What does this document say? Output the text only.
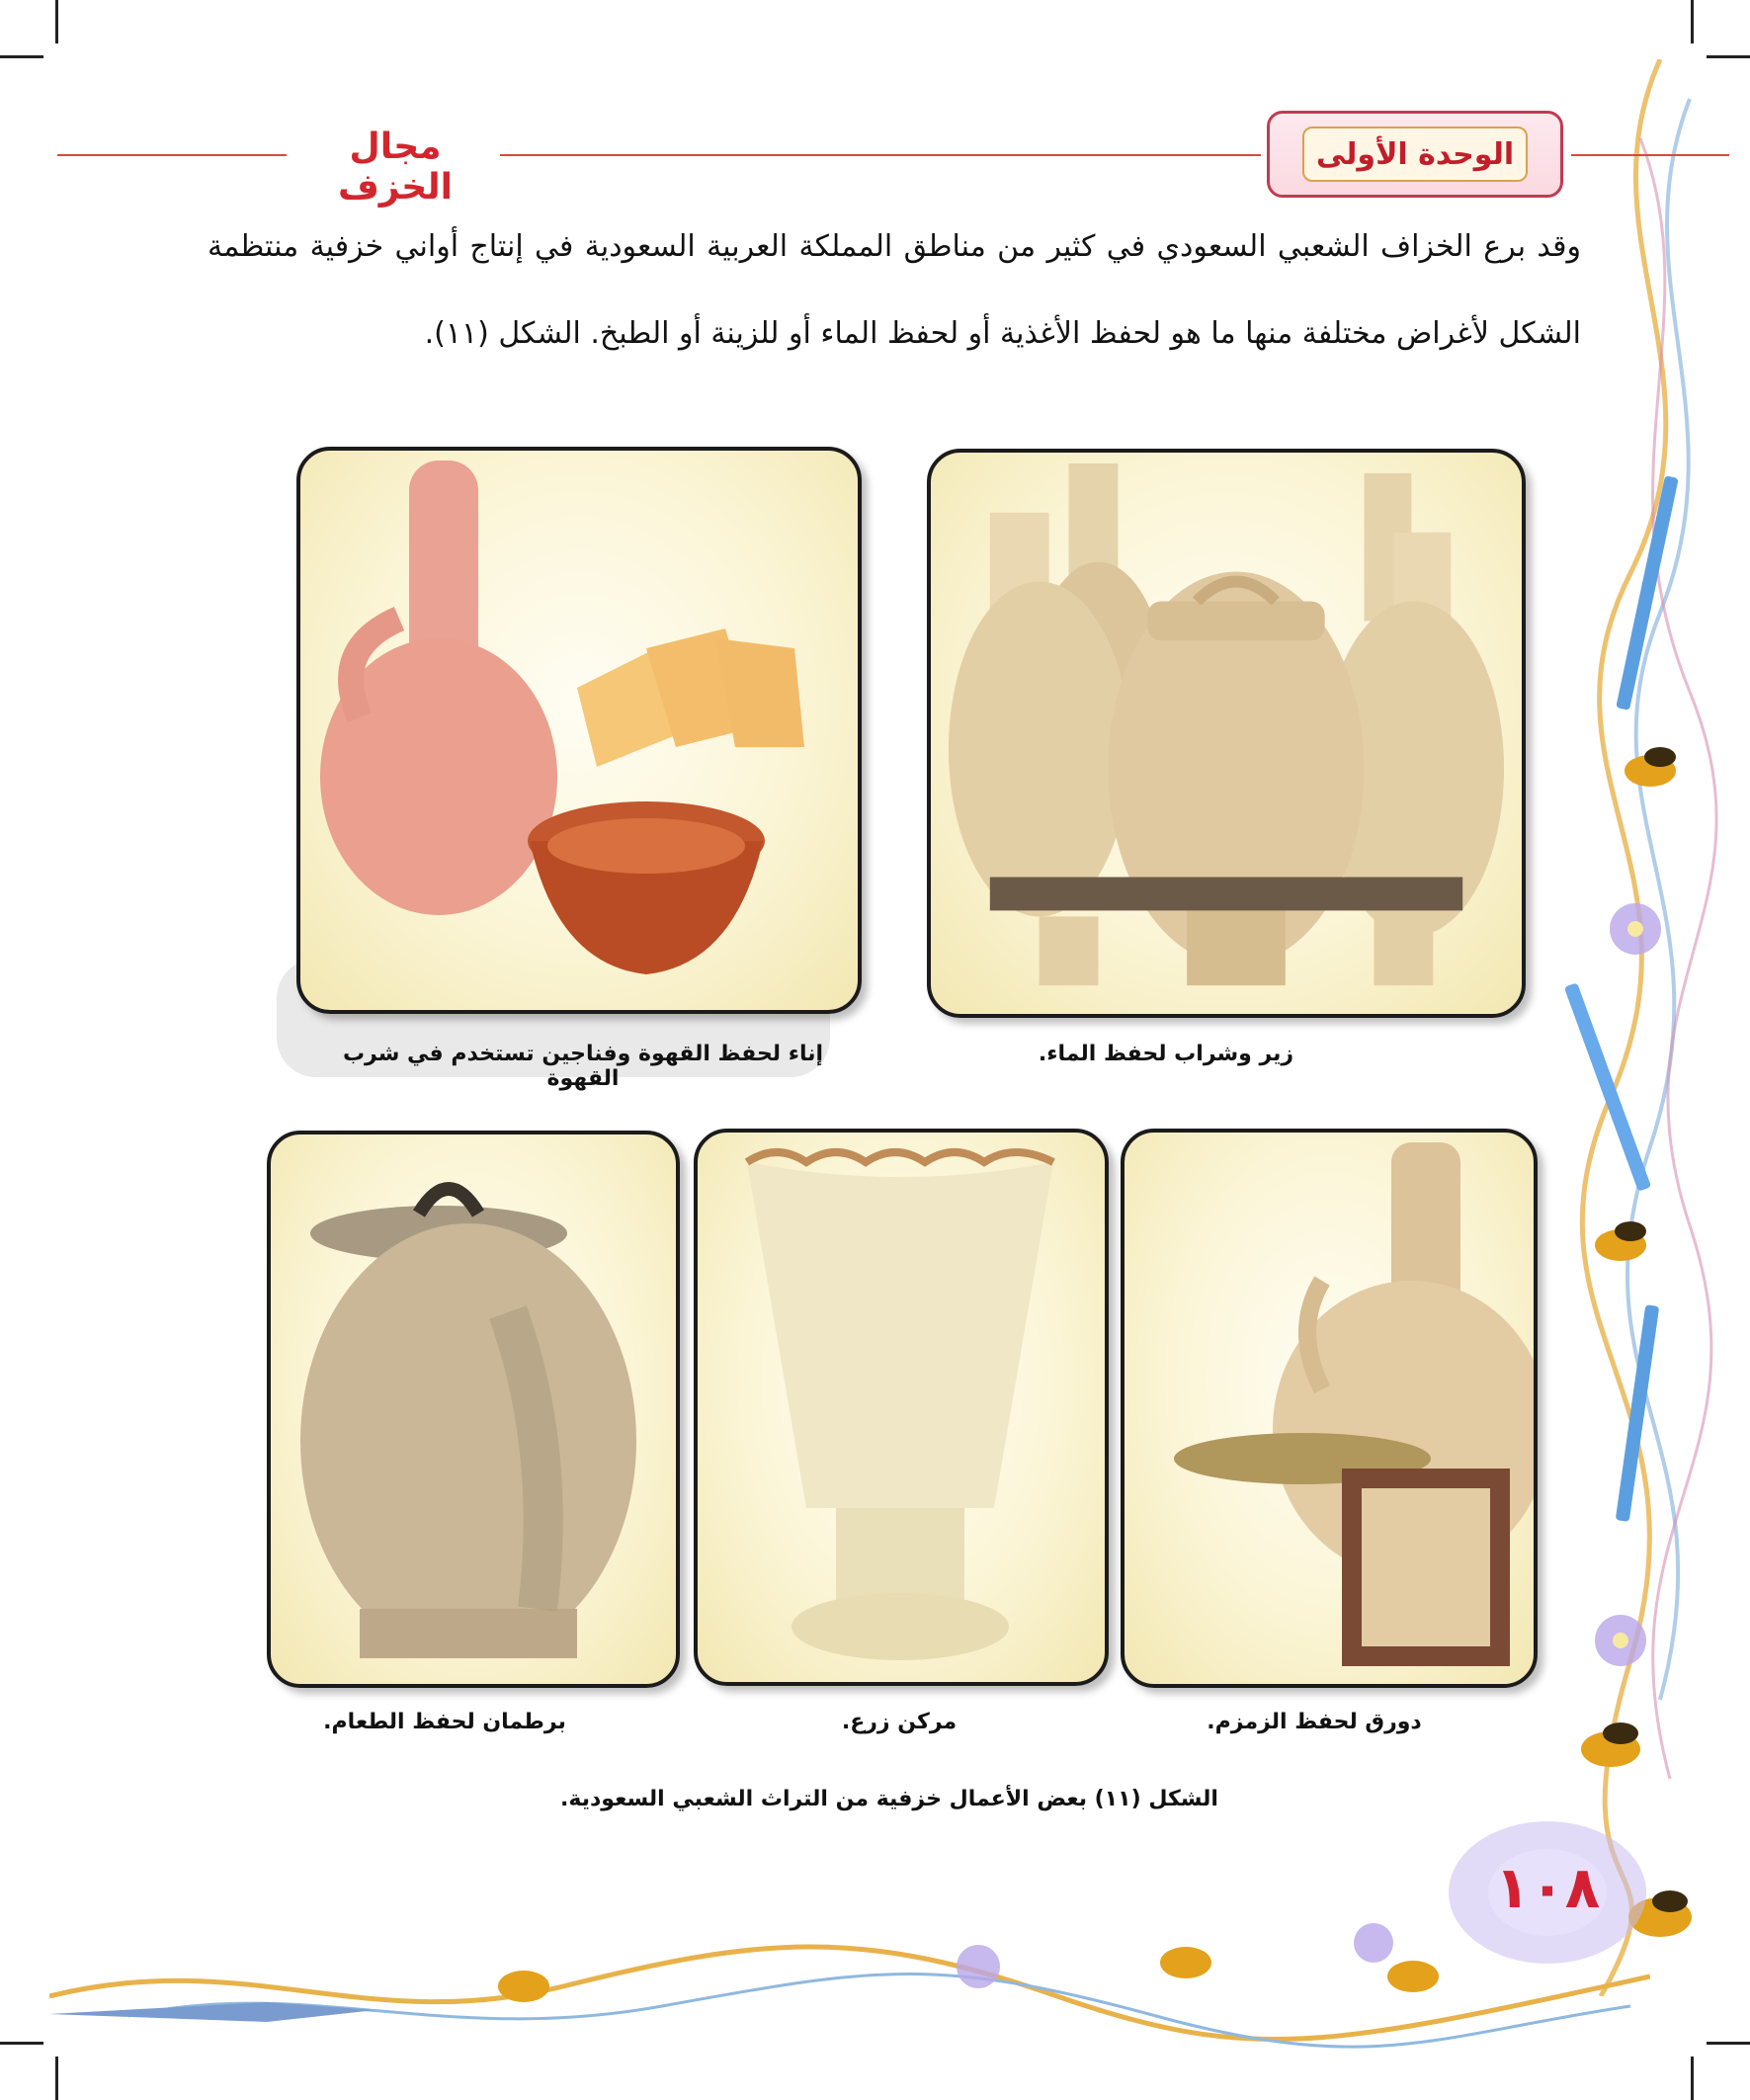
الوحدة الأولى
مجال الخزف
وقد برع الخزاف الشعبي السعودي في كثير من مناطق المملكة العربية السعودية في إنتاج أواني خزفية منتظمة الشكل لأغراض مختلفة منها ما هو لحفظ الأغذية أو لحفظ الماء أو للزينة أو الطبخ. الشكل (١١).
زير وشراب لحفظ الماء.
إناء لحفظ القهوة وفناجين تستخدم في شرب القهوة
دورق لحفظ الزمزم.
مركن زرع.
برطمان لحفظ الطعام.
الشكل (١١) بعض الأعمال خزفية من التراث الشعبي السعودية.
١٠٨
